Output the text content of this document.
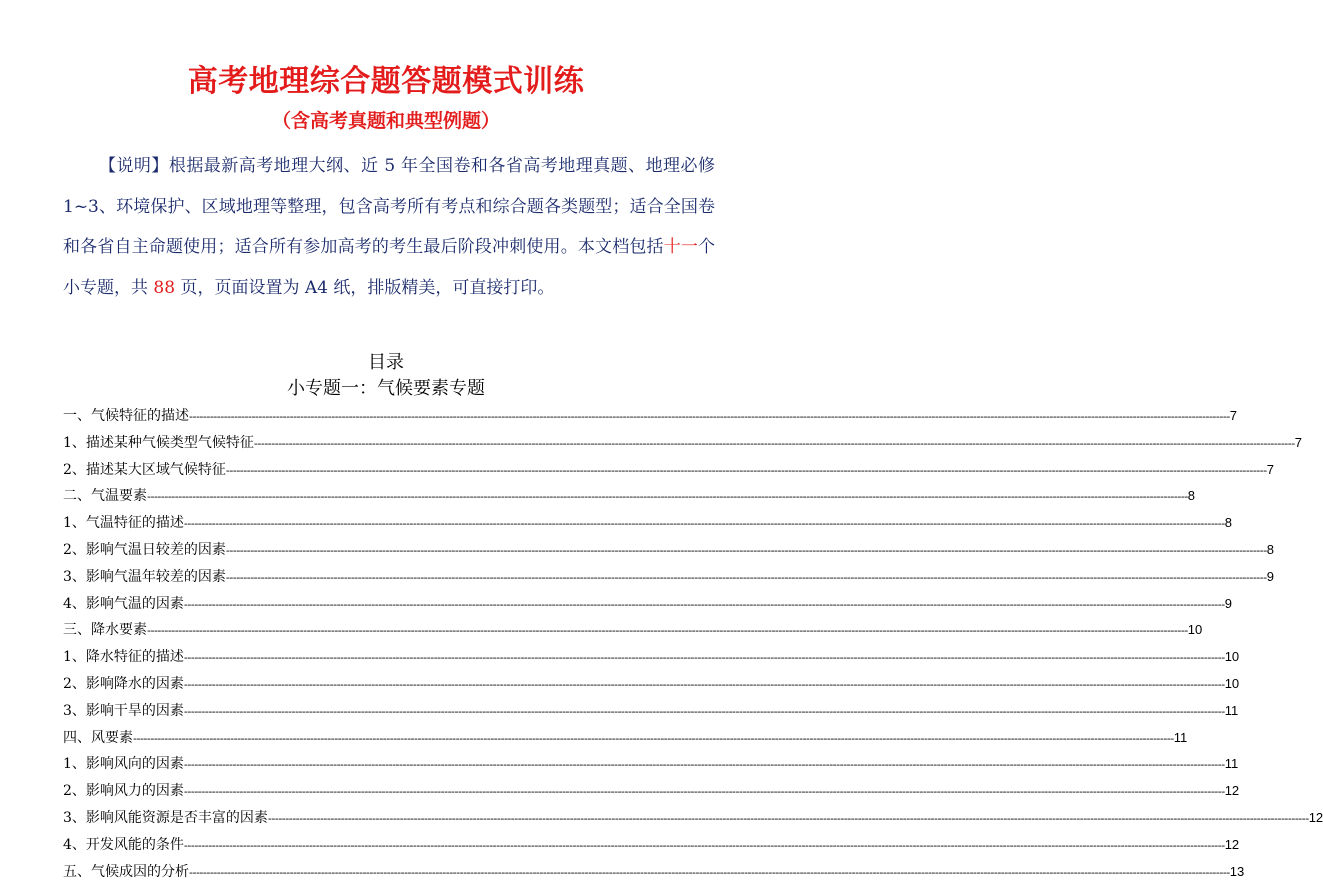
高考地理综合题答题模式训练
（含高考真题和典型例题）
【说明】根据最新高考地理大纲、近 5 年全国卷和各省高考地理真题、地理必修 1~3、环境保护、区域地理等整理，包含高考所有考点和综合题各类题型；适合全国卷和各省自主命题使用；适合所有参加高考的考生最后阶段冲刺使用。本文档包括十一个小专题，共 88 页，页面设置为 A4 纸，排版精美，可直接打印。
目录
小专题一：气候要素专题
一、气候特征的描述 ------------------------------------------------------------------------------------------------------------------------------------------------------------------------------------------------------------------------------------------------------------------------------------------------------------ 7
1、描述某种气候类型气候特征 ------------------------------------------------------------------------------------------------------------------------------------------------------------------------------------------------------------------------------------------------------------------------------------------------------------ 7
2、描述某大区域气候特征 ------------------------------------------------------------------------------------------------------------------------------------------------------------------------------------------------------------------------------------------------------------------------------------------------------------ 7
二、气温要素 ------------------------------------------------------------------------------------------------------------------------------------------------------------------------------------------------------------------------------------------------------------------------------------------------------------ 8
1、气温特征的描述 ------------------------------------------------------------------------------------------------------------------------------------------------------------------------------------------------------------------------------------------------------------------------------------------------------------ 8
2、影响气温日较差的因素 ------------------------------------------------------------------------------------------------------------------------------------------------------------------------------------------------------------------------------------------------------------------------------------------------------------ 8
3、影响气温年较差的因素 ------------------------------------------------------------------------------------------------------------------------------------------------------------------------------------------------------------------------------------------------------------------------------------------------------------ 9
4、影响气温的因素 ------------------------------------------------------------------------------------------------------------------------------------------------------------------------------------------------------------------------------------------------------------------------------------------------------------ 9
三、降水要素 ------------------------------------------------------------------------------------------------------------------------------------------------------------------------------------------------------------------------------------------------------------------------------------------------------------ 10
1、降水特征的描述 ------------------------------------------------------------------------------------------------------------------------------------------------------------------------------------------------------------------------------------------------------------------------------------------------------------ 10
2、影响降水的因素 ------------------------------------------------------------------------------------------------------------------------------------------------------------------------------------------------------------------------------------------------------------------------------------------------------------ 10
3、影响干旱的因素 ------------------------------------------------------------------------------------------------------------------------------------------------------------------------------------------------------------------------------------------------------------------------------------------------------------ 11
四、风要素 ------------------------------------------------------------------------------------------------------------------------------------------------------------------------------------------------------------------------------------------------------------------------------------------------------------ 11
1、影响风向的因素 ------------------------------------------------------------------------------------------------------------------------------------------------------------------------------------------------------------------------------------------------------------------------------------------------------------ 11
2、影响风力的因素 ------------------------------------------------------------------------------------------------------------------------------------------------------------------------------------------------------------------------------------------------------------------------------------------------------------ 12
3、影响风能资源是否丰富的因素 ------------------------------------------------------------------------------------------------------------------------------------------------------------------------------------------------------------------------------------------------------------------------------------------------------------ 12
4、开发风能的条件 ------------------------------------------------------------------------------------------------------------------------------------------------------------------------------------------------------------------------------------------------------------------------------------------------------------ 12
五、气候成因的分析 ------------------------------------------------------------------------------------------------------------------------------------------------------------------------------------------------------------------------------------------------------------------------------------------------------------ 13
